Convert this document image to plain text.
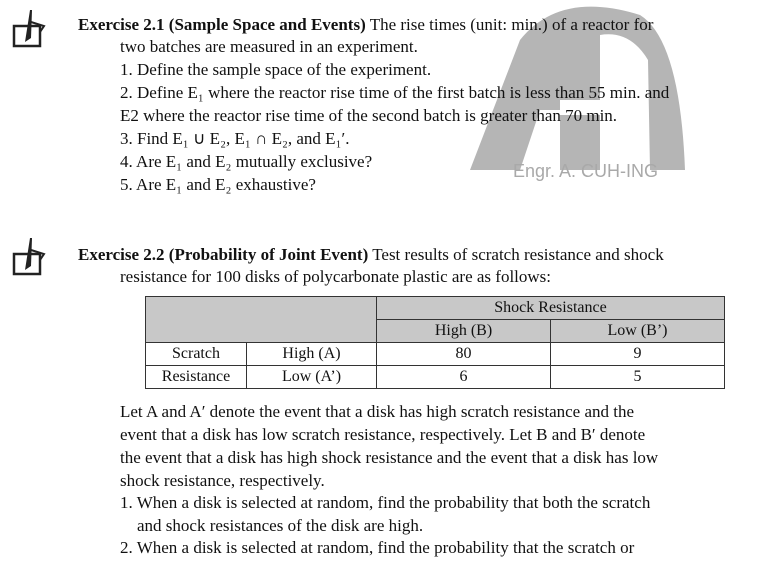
Engr. A. CUH-ING
Exercise 2.1 (Sample Space and Events) The rise times (unit: min.) of a reactor for
two batches are measured in an experiment.
1. Define the sample space of the experiment.
2. Define E₁ where the reactor rise time of the first batch is less than 55 min. and
E2 where the reactor rise time of the second batch is greater than 70 min.
3. Find E₁ ∪ E₂, E₁ ∩ E₂, and E₁′.
4. Are E₁ and E₂ mutually exclusive?
5. Are E₁ and E₂ exhaustive?
Exercise 2.2 (Probability of Joint Event) Test results of scratch resistance and shock
resistance for 100 disks of polycarbonate plastic are as follows:
		Shock Resistance	
		High (B)	Low (B’)
Scratch	High (A)	80	9
Resistance	Low (A’)	6	5
Let A and A′ denote the event that a disk has high scratch resistance and the
event that a disk has low scratch resistance, respectively. Let B and B′ denote
the event that a disk has high shock resistance and the event that a disk has low
shock resistance, respectively.
1. When a disk is selected at random, find the probability that both the scratch
and shock resistances of the disk are high.
2. When a disk is selected at random, find the probability that the scratch or
